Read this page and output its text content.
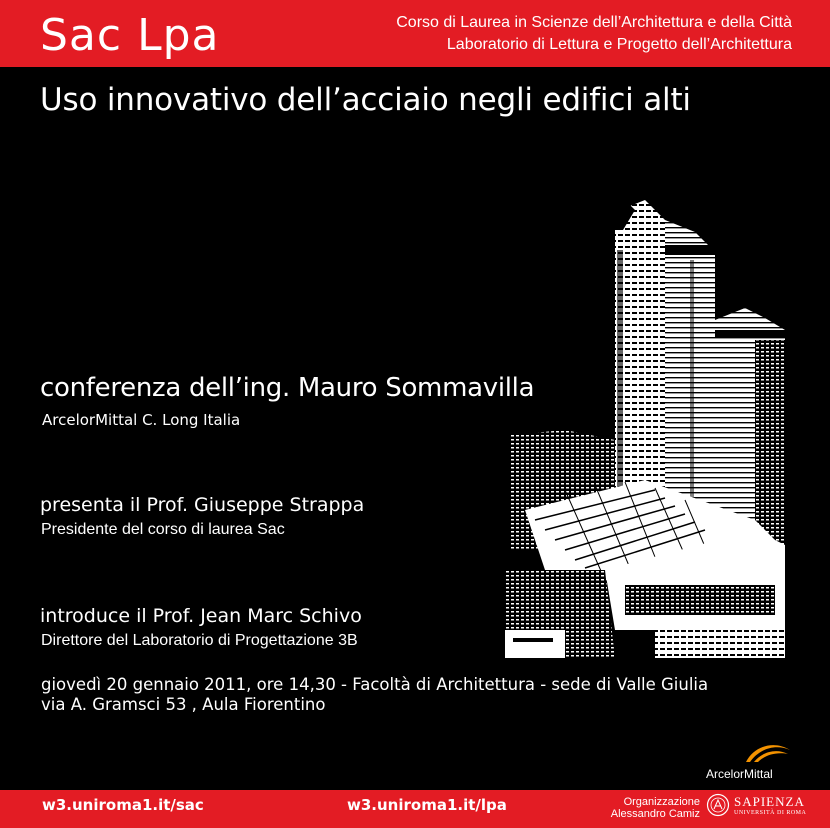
Sac Lpa	Corso di Laurea in Scienze dell’Architettura e della Città
Laboratorio di Lettura e Progetto dell’Architettura
Uso innovativo dell’acciaio negli edifici alti
conferenza dell’ing. Mauro Sommavilla
ArcelorMittal C. Long Italia
presenta il Prof. Giuseppe Strappa
Presidente del corso di laurea Sac
introduce il Prof. Jean Marc Schivo
Direttore del Laboratorio di Progettazione 3B
giovedì 20 gennaio 2011, ore 14,30 - Facoltà di Architettura - sede di Valle Giulia
via A. Gramsci 53 , Aula Fiorentino
ArcelorMittal
w3.uniroma1.it/sac	w3.uniroma1.it/lpa	Organizzazione
Alessandro Camiz
SAPIENZA
UNIVERSITÀ DI ROMA
